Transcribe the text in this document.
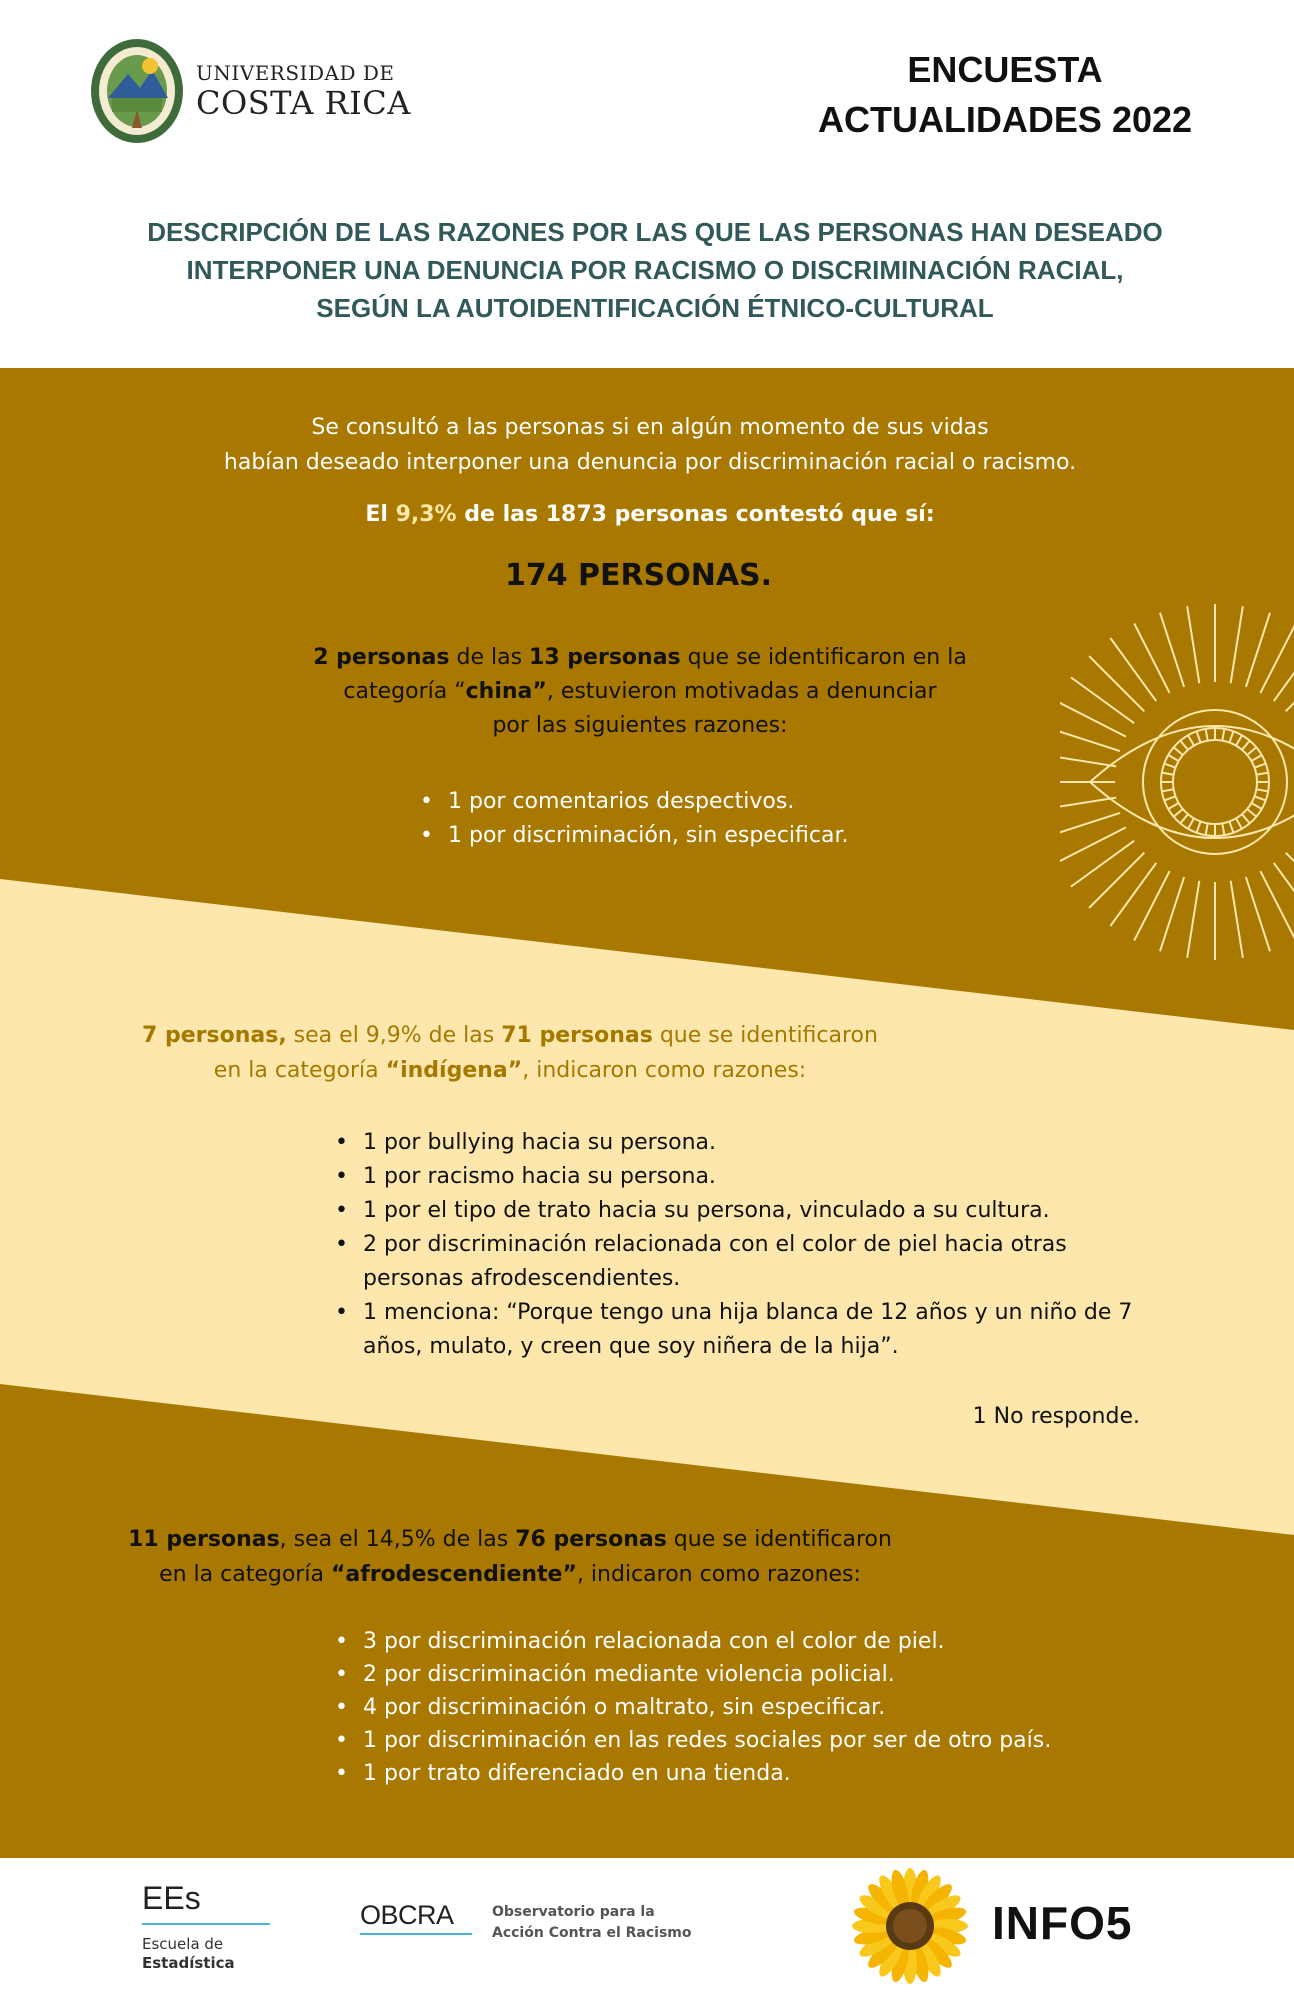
UNIVERSIDAD DE
COSTA RICA
ENCUESTA
ACTUALIDADES 2022
DESCRIPCIÓN DE LAS RAZONES POR LAS QUE LAS PERSONAS HAN DESEADO
INTERPONER UNA DENUNCIA POR RACISMO O DISCRIMINACIÓN RACIAL,
SEGÚN LA AUTOIDENTIFICACIÓN ÉTNICO-CULTURAL
Se consultó a las personas si en algún momento de sus vidas
habían deseado interponer una denuncia por discriminación racial o racismo.
El 9,3% de las 1873 personas contestó que sí:
174 PERSONAS.
2 personas de las 13 personas que se identificaron en la
categoría “china”, estuvieron motivadas a denunciar
por las siguientes razones:
• 1 por comentarios despectivos.
• 1 por discriminación, sin especificar.
7 personas, sea el 9,9% de las 71 personas que se identificaron
en la categoría “indígena”, indicaron como razones:
• 1 por bullying hacia su persona.
• 1 por racismo hacia su persona.
• 1 por el tipo de trato hacia su persona, vinculado a su cultura.
• 2 por discriminación relacionada con el color de piel hacia otras personas afrodescendientes.
• 1 menciona: “Porque tengo una hija blanca de 12 años y un niño de 7 años, mulato, y creen que soy niñera de la hija”.
1 No responde.
11 personas, sea el 14,5% de las 76 personas que se identificaron
en la categoría “afrodescendiente”, indicaron como razones:
• 3 por discriminación relacionada con el color de piel.
• 2 por discriminación mediante violencia policial.
• 4 por discriminación o maltrato, sin especificar.
• 1 por discriminación en las redes sociales por ser de otro país.
• 1 por trato diferenciado en una tienda.
EEs
Escuela de
Estadística
OBCRA	Observatorio para la
Acción Contra el Racismo	INFO5
